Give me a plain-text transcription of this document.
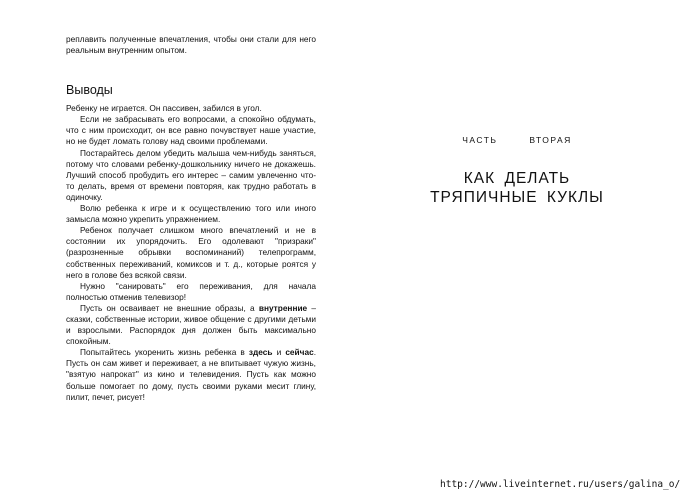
реплавить полученные впечатления, чтобы они стали для него реальным внутренним опытом.

Выводы

Ребенку не играется. Он пассивен, забился в угол.

Если не забрасывать его вопросами, а спокойно обдумать, что с ним происходит, он все равно почувствует наше участие, но не будет ломать голову над своими проблемами.

Постарайтесь делом убедить малыша чем-нибудь заняться, потому что словами ребенку-дошкольнику ничего не докажешь. Лучший способ пробудить его интерес – самим увлеченно что-то делать, время от времени повторяя, как трудно работать в одиночку.

Волю ребенка к игре и к осуществлению того или иного замысла можно укрепить упражнением.

Ребенок получает слишком много впечатлений и не в состоянии их упорядочить. Его одолевают "призраки" (разрозненные обрывки воспоминаний) телепрограмм, собственных переживаний, комиксов и т. д., которые роятся у него в голове без всякой связи.

Нужно "санировать" его переживания, для начала полностью отменив телевизор!

Пусть он осваивает не внешние образы, а внутренние – сказки, собственные истории, живое общение с другими детьми и взрослыми. Распорядок дня должен быть максимально спокойным.

Попытайтесь укоренить жизнь ребенка в здесь и сейчас. Пусть он сам живет и переживает, а не впитывает чужую жизнь, "взятую напрокат" из кино и телевидения. Пусть как можно больше помогает по дому, пусть своими руками месит глину, пилит, печет, рисует!

ЧАСТЬ ВТОРАЯ
КАК ДЕЛАТЬ
ТРЯПИЧНЫЕ КУКЛЫ
http://www.liveinternet.ru/users/galina_o/
